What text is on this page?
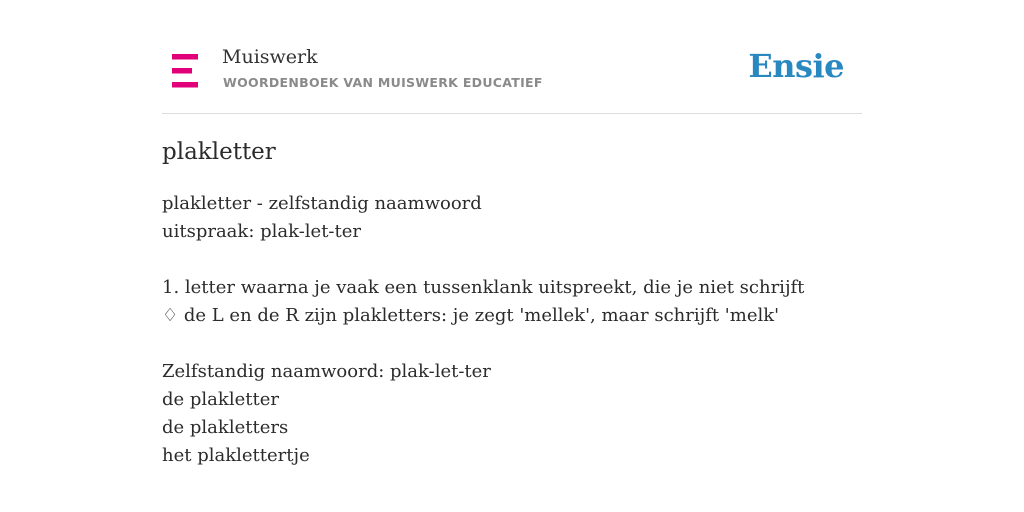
Muiswerk
WOORDENBOEK VAN MUISWERK EDUCATIEF	Ensie
plakletter
plakletter - zelfstandig naamwoord
uitspraak: plak-let-ter
1. letter waarna je vaak een tussenklank uitspreekt, die je niet schrijft
♢ de L en de R zijn plakletters: je zegt 'mellek', maar schrijft 'melk'
Zelfstandig naamwoord: plak-let-ter
de plakletter
de plakletters
het plaklettertje
